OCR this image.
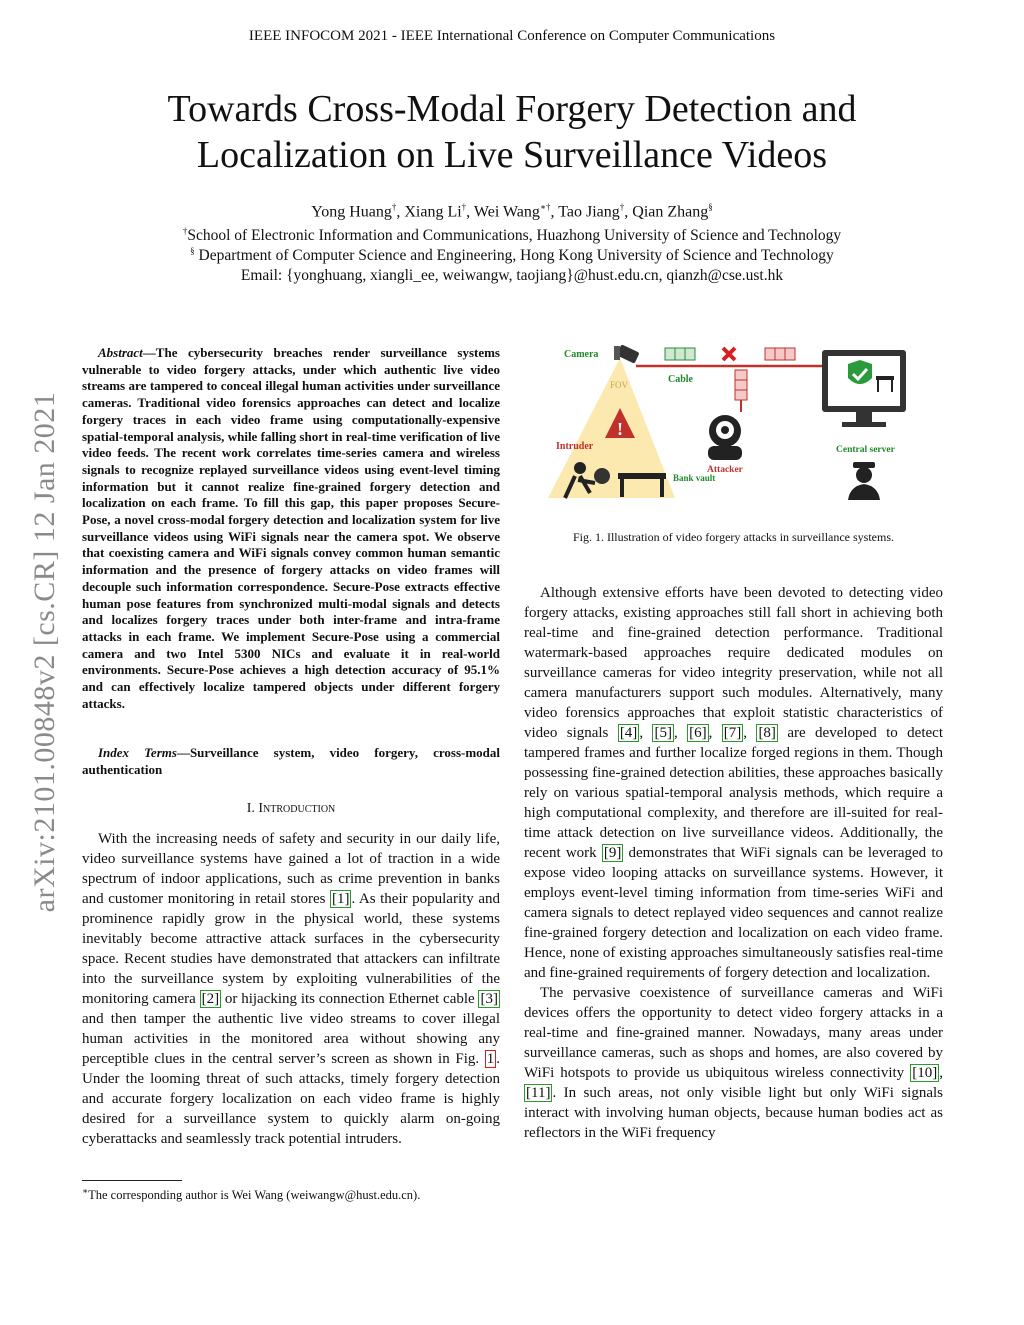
IEEE INFOCOM 2021 - IEEE International Conference on Computer Communications
Towards Cross-Modal Forgery Detection and Localization on Live Surveillance Videos
Yong Huang†, Xiang Li†, Wei Wang∗†, Tao Jiang†, Qian Zhang§
†School of Electronic Information and Communications, Huazhong University of Science and Technology
§ Department of Computer Science and Engineering, Hong Kong University of Science and Technology
Email: {yonghuang, xiangli_ee, weiwangw, taojiang}@hust.edu.cn, qianzh@cse.ust.hk
arXiv:2101.00848v2 [cs.CR] 12 Jan 2021
Abstract—The cybersecurity breaches render surveillance systems vulnerable to video forgery attacks, under which authentic live video streams are tampered to conceal illegal human activities under surveillance cameras. Traditional video forensics approaches can detect and localize forgery traces in each video frame using computationally-expensive spatial-temporal analysis, while falling short in real-time verification of live video feeds. The recent work correlates time-series camera and wireless signals to recognize replayed surveillance videos using event-level timing information but it cannot realize fine-grained forgery detection and localization on each frame. To fill this gap, this paper proposes Secure-Pose, a novel cross-modal forgery detection and localization system for live surveillance videos using WiFi signals near the camera spot. We observe that coexisting camera and WiFi signals convey common human semantic information and the presence of forgery attacks on video frames will decouple such information correspondence. Secure-Pose extracts effective human pose features from synchronized multi-modal signals and detects and localizes forgery traces under both inter-frame and intra-frame attacks in each frame. We implement Secure-Pose using a commercial camera and two Intel 5300 NICs and evaluate it in real-world environments. Secure-Pose achieves a high detection accuracy of 95.1% and can effectively localize tampered objects under different forgery attacks.
Index Terms—Surveillance system, video forgery, cross-modal authentication
I. Introduction
With the increasing needs of safety and security in our daily life, video surveillance systems have gained a lot of traction in a wide spectrum of indoor applications, such as crime prevention in banks and customer monitoring in retail stores [1] . As their popularity and prominence rapidly grow in the physical world, these systems inevitably become attractive attack surfaces in the cybersecurity space. Recent studies have demonstrated that attackers can infiltrate into the surveillance system by exploiting vulnerabilities of the monitoring camera [2] or hijacking its connection Ethernet cable [3] and then tamper the authentic live video streams to cover illegal human activities in the monitored area without showing any perceptible clues in the central server’s screen as shown in Fig. 1 . Under the looming threat of such attacks, timely forgery detection and accurate forgery localization on each video frame is highly desired for a surveillance system to quickly alarm on-going cyberattacks and seamlessly track potential intruders.
∗The corresponding author is Wei Wang (weiwangw@hust.edu.cn).
Camera
FOV	Cable
!
Intruder
Bank vault
Attacker
Central server
Fig. 1. Illustration of video forgery attacks in surveillance systems.

Although extensive efforts have been devoted to detecting video forgery attacks, existing approaches still fall short in achieving both real-time and fine-grained detection performance. Traditional watermark-based approaches require dedicated modules on surveillance cameras for video integrity preservation, while not all camera manufacturers support such modules. Alternatively, many video forensics approaches that exploit statistic characteristics of video signals [4] , [5] , [6] , [7] , [8] are developed to detect tampered frames and further localize forged regions in them. Though possessing fine-grained detection abilities, these approaches basically rely on various spatial-temporal analysis methods, which require a high computational complexity, and therefore are ill-suited for real-time attack detection on live surveillance videos. Additionally, the recent work [9] demonstrates that WiFi signals can be leveraged to expose video looping attacks on surveillance systems. However, it employs event-level timing information from time-series WiFi and camera signals to detect replayed video sequences and cannot realize fine-grained forgery detection and localization on each video frame. Hence, none of existing approaches simultaneously satisfies real-time and fine-grained requirements of forgery detection and localization.

The pervasive coexistence of surveillance cameras and WiFi devices offers the opportunity to detect video forgery attacks in a real-time and fine-grained manner. Nowadays, many areas under surveillance cameras, such as shops and homes, are also covered by WiFi hotspots to provide us ubiquitous wireless connectivity [10] , [11] . In such areas, not only visible light but only WiFi signals interact with involving human objects, because human bodies act as reflectors in the WiFi frequency
